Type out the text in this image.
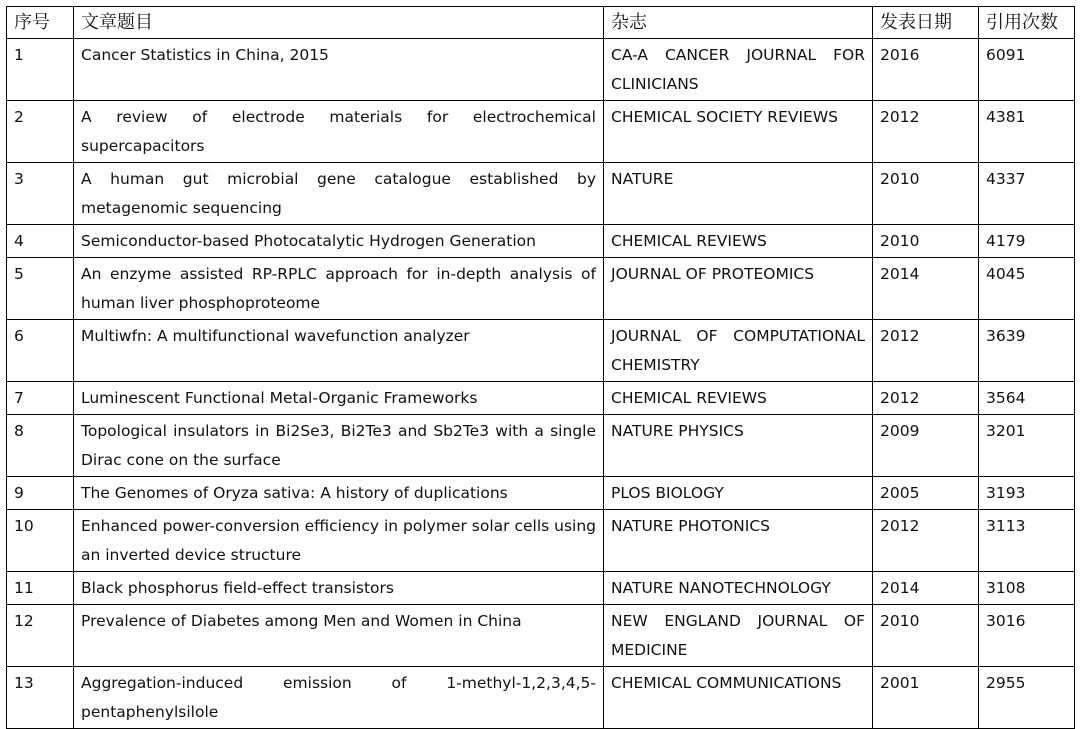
序号	文章题目	杂志	发表日期	引用次数
1	Cancer Statistics in China, 2015	CA-A CANCER JOURNAL FOR CLINICIANS	2016	6091
2	A review of electrode materials for electrochemical supercapacitors	CHEMICAL SOCIETY REVIEWS	2012	4381
3	A human gut microbial gene catalogue established by metagenomic sequencing	NATURE	2010	4337
4	Semiconductor-based Photocatalytic Hydrogen Generation	CHEMICAL REVIEWS	2010	4179
5	An enzyme assisted RP-RPLC approach for in-depth analysis of human liver phosphoproteome	JOURNAL OF PROTEOMICS	2014	4045
6	Multiwfn: A multifunctional wavefunction analyzer	JOURNAL OF COMPUTATIONAL CHEMISTRY	2012	3639
7	Luminescent Functional Metal-Organic Frameworks	CHEMICAL REVIEWS	2012	3564
8	Topological insulators in Bi2Se3, Bi2Te3 and Sb2Te3 with a single Dirac cone on the surface	NATURE PHYSICS	2009	3201
9	The Genomes of Oryza sativa: A history of duplications	PLOS BIOLOGY	2005	3193
10	Enhanced power-conversion efficiency in polymer solar cells using an inverted device structure	NATURE PHOTONICS	2012	3113
11	Black phosphorus field-effect transistors	NATURE NANOTECHNOLOGY	2014	3108
12	Prevalence of Diabetes among Men and Women in China	NEW ENGLAND JOURNAL OF MEDICINE	2010	3016
13	Aggregation-induced emission of 1-methyl-1,2,3,4,5-pentaphenylsilole	CHEMICAL COMMUNICATIONS	2001	2955
